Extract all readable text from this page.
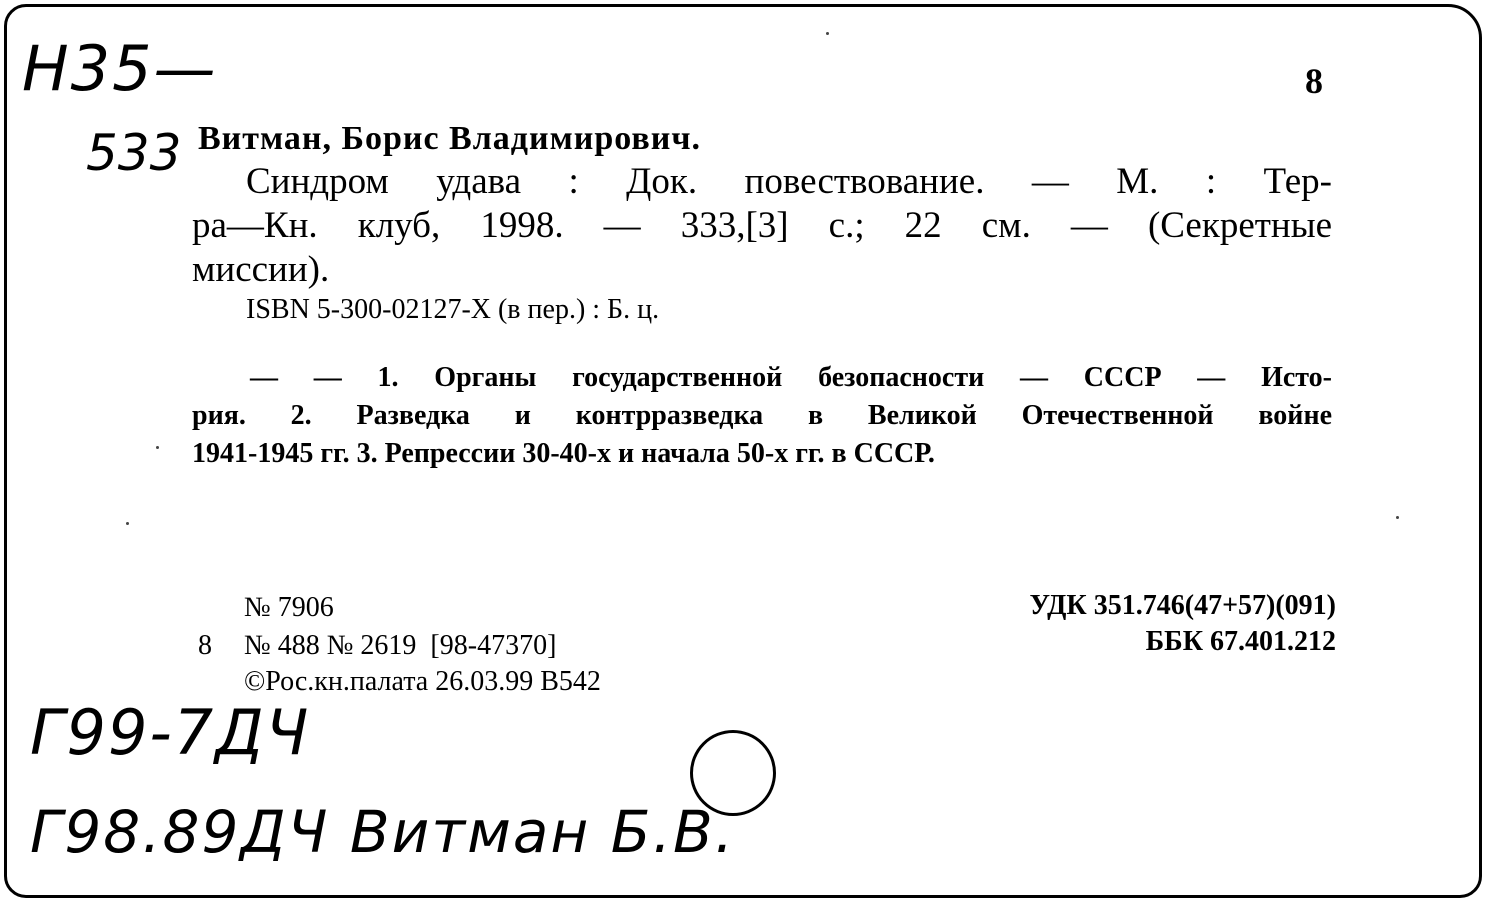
H35—
533
8
Витман, Борис Владимирович.
Синдром удава : Док. повествование. — М. : Тер-
ра—Кн. клуб, 1998. — 333,[3] с.; 22 см. — (Секретные
миссии).
ISBN 5-300-02127-X (в пер.) : Б. ц.
— — 1. Органы государственной безопасности — СССР — Исто-
рия. 2. Разведка и контрразведка в Великой Отечественной войне
1941-1945 гг. 3. Репрессии 30-40-х и начала 50-х гг. в СССР.
№ 7906
8 № 488 № 2619  [98-47370]
©Рос.кн.палата 26.03.99 В542
УДК 351.746(47+57)(091)
ББК 67.401.212
Г99-7ДЧ
Г98.89ДЧ Витман Б.В.
